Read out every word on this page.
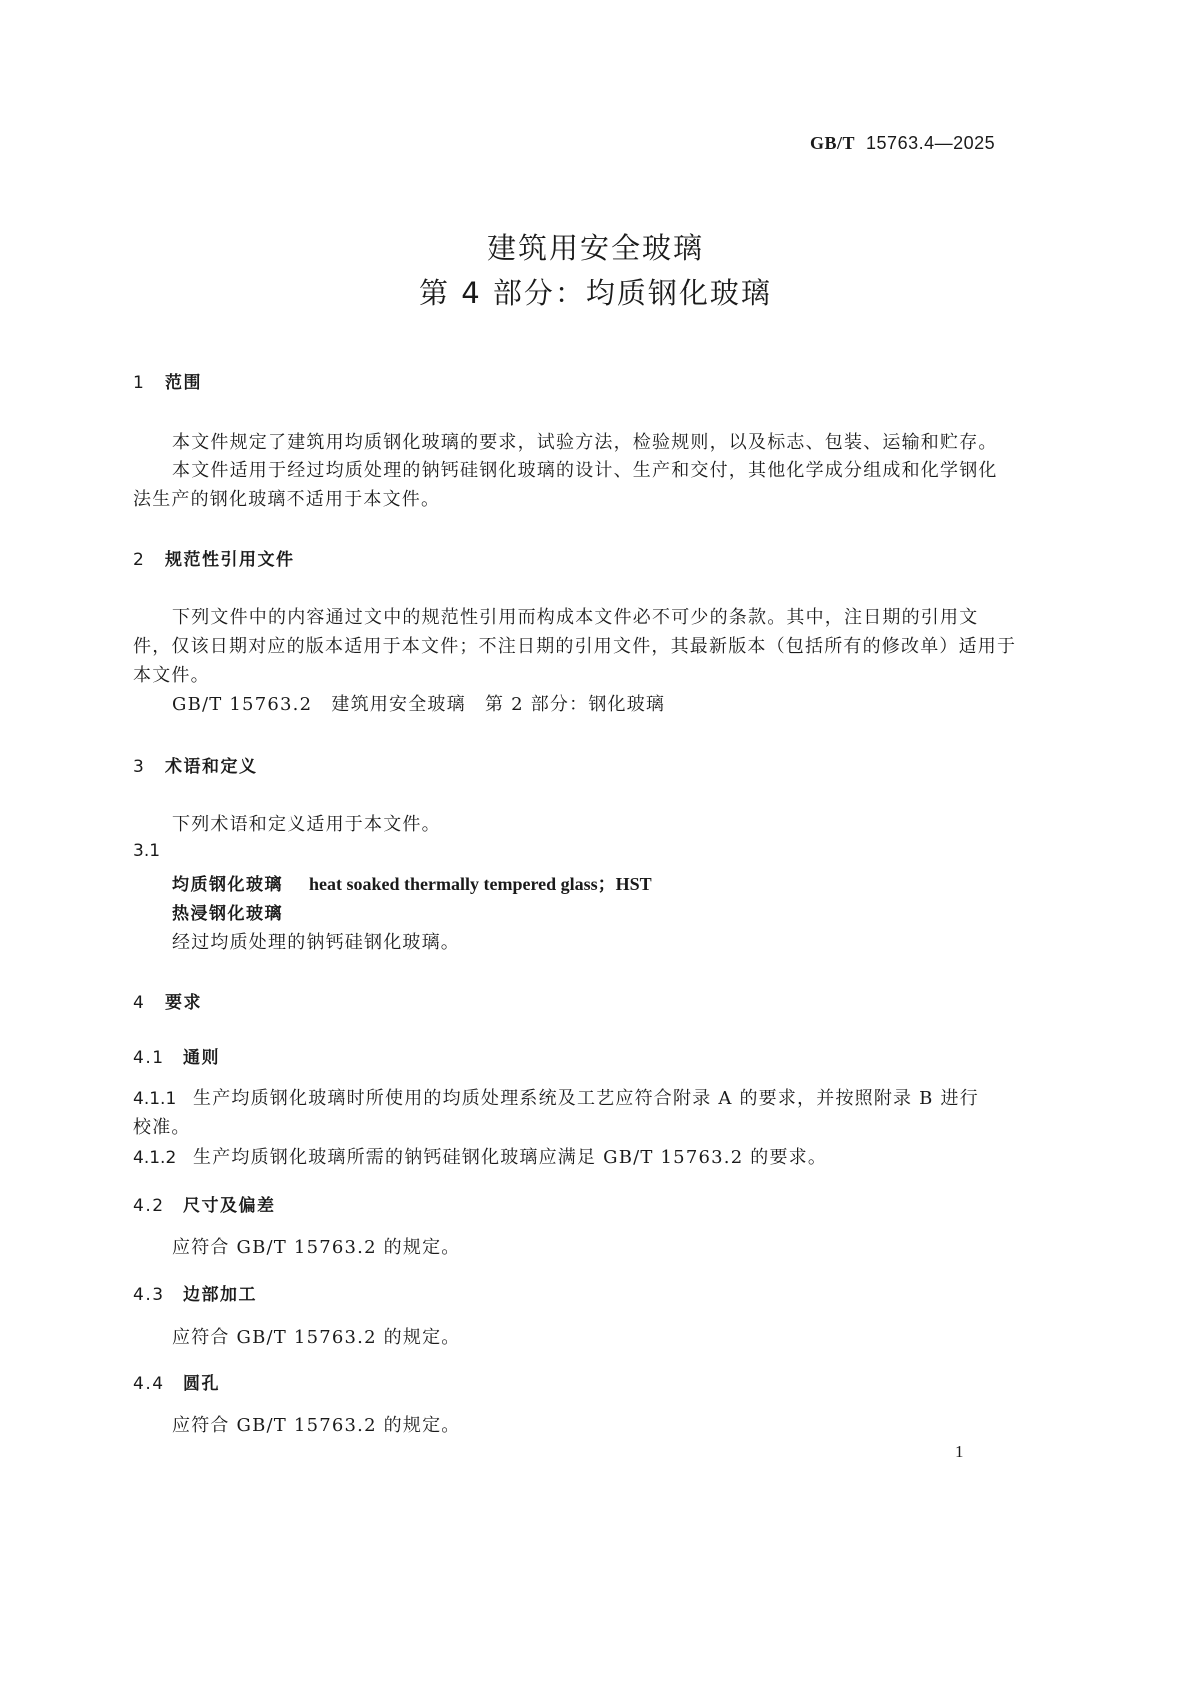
GB/T 15763.4—2025
建筑用安全玻璃
第 4 部分：均质钢化玻璃
1 范围
本文件规定了建筑用均质钢化玻璃的要求，试验方法，检验规则，以及标志、包装、运输和贮存。
本文件适用于经过均质处理的钠钙硅钢化玻璃的设计、生产和交付，其他化学成分组成和化学钢化
法生产的钢化玻璃不适用于本文件。
2 规范性引用文件
下列文件中的内容通过文中的规范性引用而构成本文件必不可少的条款。其中，注日期的引用文
件，仅该日期对应的版本适用于本文件；不注日期的引用文件，其最新版本（包括所有的修改单）适用于
本文件。
GB/T 15763.2　建筑用安全玻璃　第 2 部分：钢化玻璃
3 术语和定义
下列术语和定义适用于本文件。
3.1
均质钢化玻璃 heat soaked thermally tempered glass；HST
热浸钢化玻璃
经过均质处理的钠钙硅钢化玻璃。
4 要求
4.1 通则
4.1.1 生产均质钢化玻璃时所使用的均质处理系统及工艺应符合附录 A 的要求，并按照附录 B 进行
校准。
4.1.2 生产均质钢化玻璃所需的钠钙硅钢化玻璃应满足 GB/T 15763.2 的要求。
4.2 尺寸及偏差
应符合 GB/T 15763.2 的规定。
4.3 边部加工
应符合 GB/T 15763.2 的规定。
4.4 圆孔
应符合 GB/T 15763.2 的规定。
1
